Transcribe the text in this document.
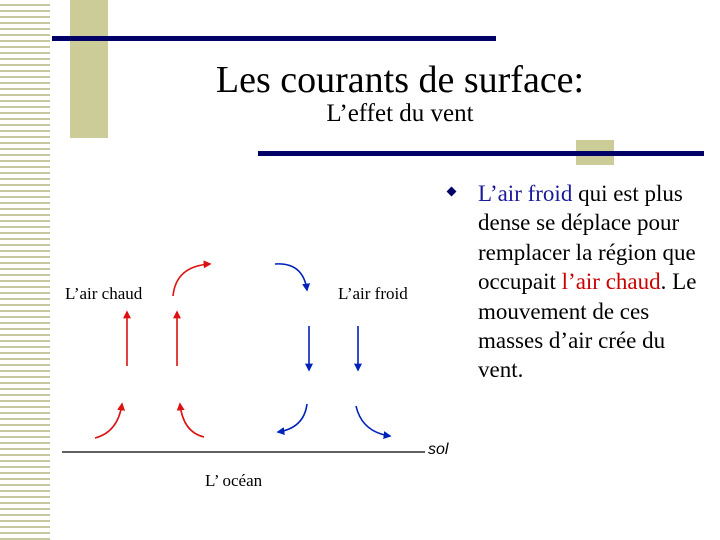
Les courants de surface:
L’effet du vent
L’air chaud	L’air froid
L’ océan
sol
L’air froid qui est plus dense se déplace pour remplacer la région que occupait l’air chaud. Le mouvement de ces masses d’air crée du vent.
